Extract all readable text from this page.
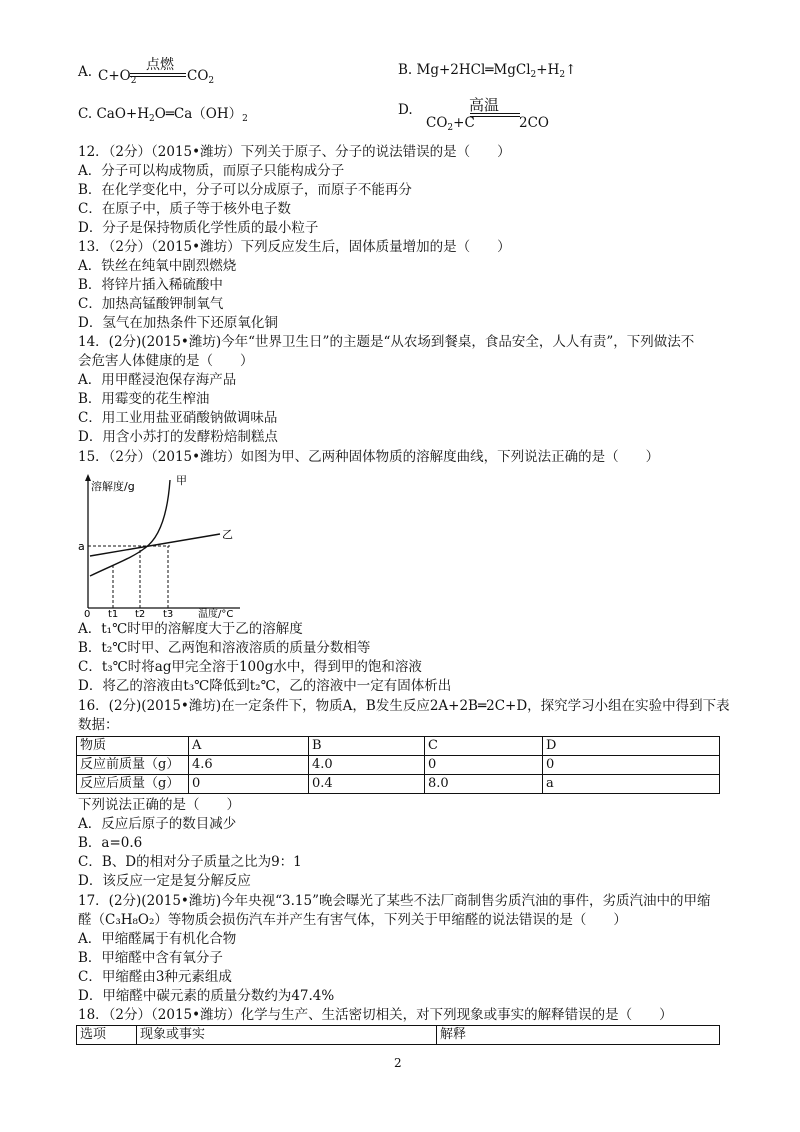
A.	点燃
$C+O_2$	$CO_2$
B. $Mg+2HCl═MgCl_2+H_2↑$
C. $CaO+H_2O═Ca(OH)_2$
D.	高温
$CO_2+C$	2CO
12．（2分）（2015•潍坊）下列关于原子、分子的说法错误的是（　　）
A．分子可以构成物质，而原子只能构成分子
B．在化学变化中，分子可以分成原子，而原子不能再分
C．在原子中，质子等于核外电子数
D．分子是保持物质化学性质的最小粒子
13．（2分）（2015•潍坊）下列反应发生后，固体质量增加的是（　　）
A．铁丝在纯氧中剧烈燃烧
B．将锌片插入稀硫酸中
C．加热高锰酸钾制氧气
D．氢气在加热条件下还原氧化铜
14．(2分)(2015•潍坊)今年“世界卫生日”的主题是“从农场到餐桌，食品安全，人人有责”，下列做法不
会危害人体健康的是（　　）
A．用甲醛浸泡保存海产品
B．用霉变的花生榨油
C．用工业用盐亚硝酸钠做调味品
D．用含小苏打的发酵粉焙制糕点
15．（2分）（2015•潍坊）如图为甲、乙两种固体物质的溶解度曲线，下列说法正确的是（　　）
溶解度/g	甲
乙
a
0 t1 t2 t3 温度/°C
A．t₁℃时甲的溶解度大于乙的溶解度
B．t₂℃时甲、乙两饱和溶液溶质的质量分数相等
C．t₃℃时将ag甲完全溶于100g水中，得到甲的饱和溶液
D．将乙的溶液由t₃℃降低到t₂℃，乙的溶液中一定有固体析出
16．(2分)(2015•潍坊)在一定条件下，物质A，B发生反应2A+2B═2C+D，探究学习小组在实验中得到下表
数据：
物质	A	B	C	D
反应前质量（g）	4.6	4.0	0	0
反应后质量（g）	0	0.4	8.0	a
下列说法正确的是（　　）
A．反应后原子的数目减少
B．a=0.6
C．B、D的相对分子质量之比为9：1
D．该反应一定是复分解反应
17．(2分)(2015•潍坊)今年央视“3.15”晚会曝光了某些不法厂商制售劣质汽油的事件，劣质汽油中的甲缩
醛（C₃H₈O₂）等物质会损伤汽车并产生有害气体，下列关于甲缩醛的说法错误的是（　　）
A．甲缩醛属于有机化合物
B．甲缩醛中含有氧分子
C．甲缩醛由3种元素组成
D．甲缩醛中碳元素的质量分数约为47.4%
18．（2分）（2015•潍坊）化学与生产、生活密切相关，对下列现象或事实的解释错误的是（　　）
选项	现象或事实	解释
2
